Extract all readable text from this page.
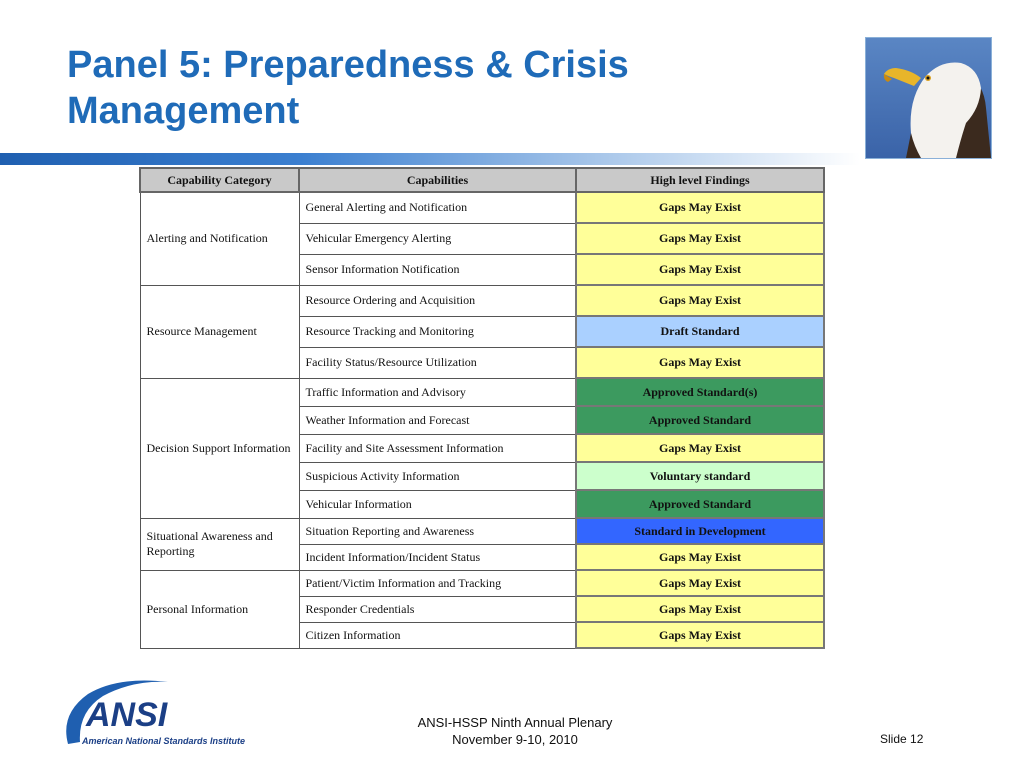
Panel 5: Preparedness & Crisis
Management
Capability Category	Capabilities	High level Findings
Alerting and Notification	General Alerting and Notification	Gaps May Exist
	Vehicular Emergency Alerting	Gaps May Exist
	Sensor Information Notification	Gaps May Exist
Resource Management	Resource Ordering and Acquisition	Gaps May Exist
	Resource Tracking and Monitoring	Draft Standard
	Facility Status/Resource Utilization	Gaps May Exist
Decision Support Information	Traffic Information and Advisory	Approved Standard(s)
	Weather Information and Forecast	Approved Standard
	Facility and Site Assessment Information	Gaps May Exist
	Suspicious Activity Information	Voluntary standard
	Vehicular Information	Approved Standard
Situational Awareness and Reporting	Situation Reporting and Awareness	Standard in Development
	Incident Information/Incident Status	Gaps May Exist
Personal Information	Patient/Victim Information and Tracking	Gaps May Exist
	Responder Credentials	Gaps May Exist
	Citizen Information	Gaps May Exist
ANSI
American National Standards Institute
ANSI-HSSP Ninth Annual Plenary
November 9-10, 2010	Slide 12
